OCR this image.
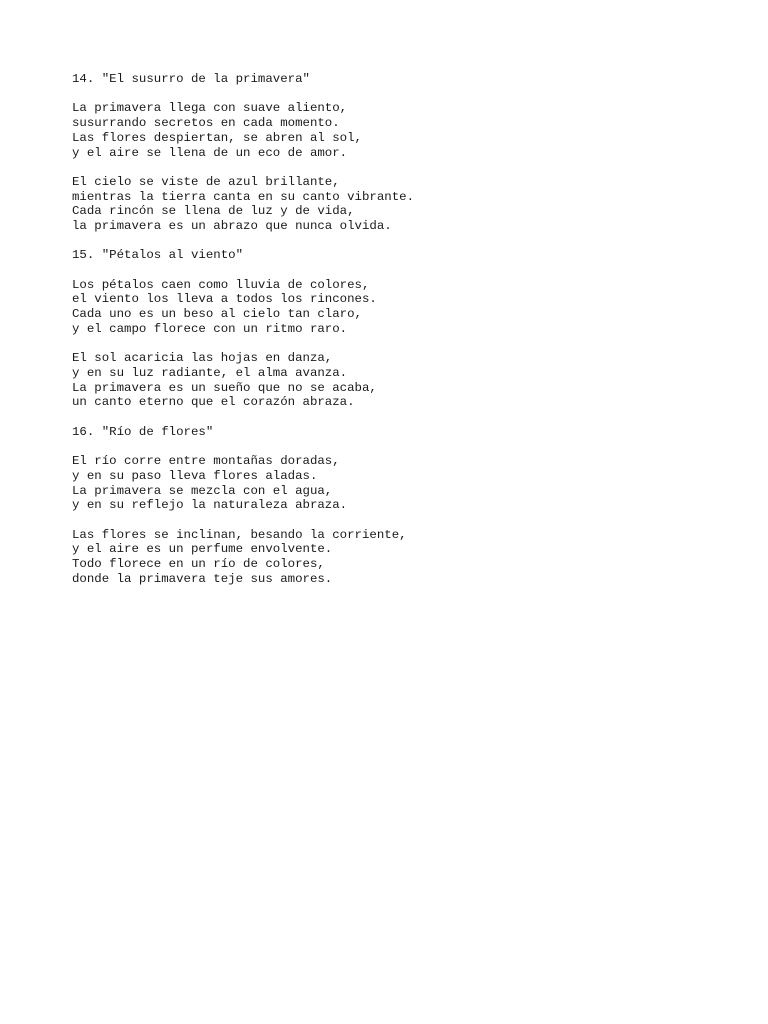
14. "El susurro de la primavera"
La primavera llega con suave aliento,
susurrando secretos en cada momento.
Las flores despiertan, se abren al sol,
y el aire se llena de un eco de amor.
El cielo se viste de azul brillante,
mientras la tierra canta en su canto vibrante.
Cada rincón se llena de luz y de vida,
la primavera es un abrazo que nunca olvida.
15. "Pétalos al viento"
Los pétalos caen como lluvia de colores,
el viento los lleva a todos los rincones.
Cada uno es un beso al cielo tan claro,
y el campo florece con un ritmo raro.
El sol acaricia las hojas en danza,
y en su luz radiante, el alma avanza.
La primavera es un sueño que no se acaba,
un canto eterno que el corazón abraza.
16. "Río de flores"
El río corre entre montañas doradas,
y en su paso lleva flores aladas.
La primavera se mezcla con el agua,
y en su reflejo la naturaleza abraza.
Las flores se inclinan, besando la corriente,
y el aire es un perfume envolvente.
Todo florece en un río de colores,
donde la primavera teje sus amores.
